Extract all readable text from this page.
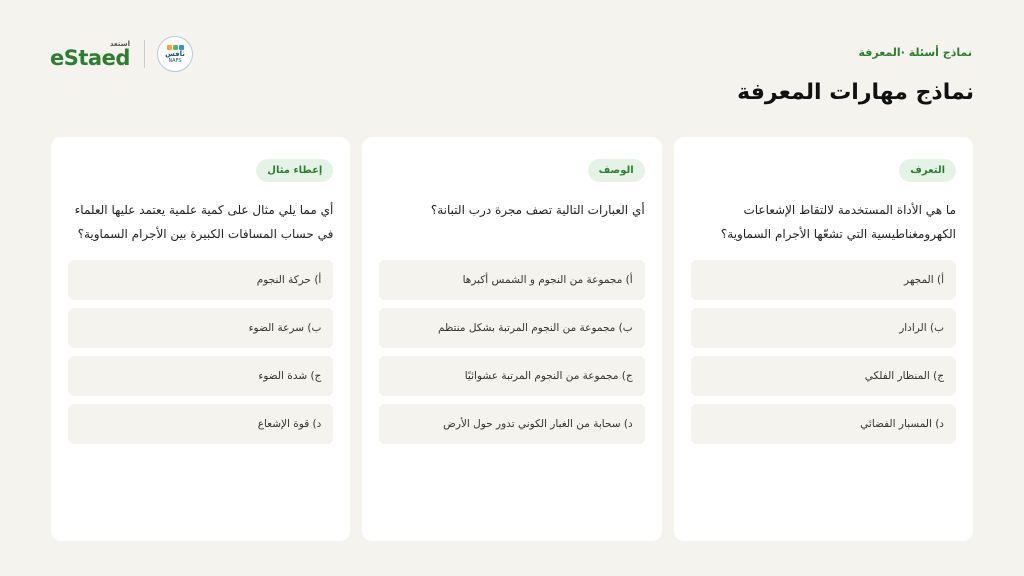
نماذج أسئلة ·المعرفة
نماذج مهارات المعرفة
استعد
eStaed	نافس
NAFS
التعرف

ما هي الأداة المستخدمة لالتقاط الإشعاعات الكهرومغناطيسية التي تشعّها الأجرام السماوية؟

أ) المجهر
ب) الرادار
ج) المنظار الفلكي
د) المسبار الفضائي
الوصف

أي العبارات التالية تصف مجرة درب التبانة؟

أ) مجموعة من النجوم و الشمس أكبرها
ب) مجموعة من النجوم المرتبة بشكل منتظم
ج) مجموعة من النجوم المرتبة عشوائيًا
د) سحابة من الغبار الكوني تدور حول الأرض
إعطاء مثال

أي مما يلي مثال على كمية علمية يعتمد عليها العلماء في حساب المسافات الكبيرة بين الأجرام السماوية؟

أ) حركة النجوم
ب) سرعة الضوء
ج) شدة الضوء
د) قوة الإشعاع
